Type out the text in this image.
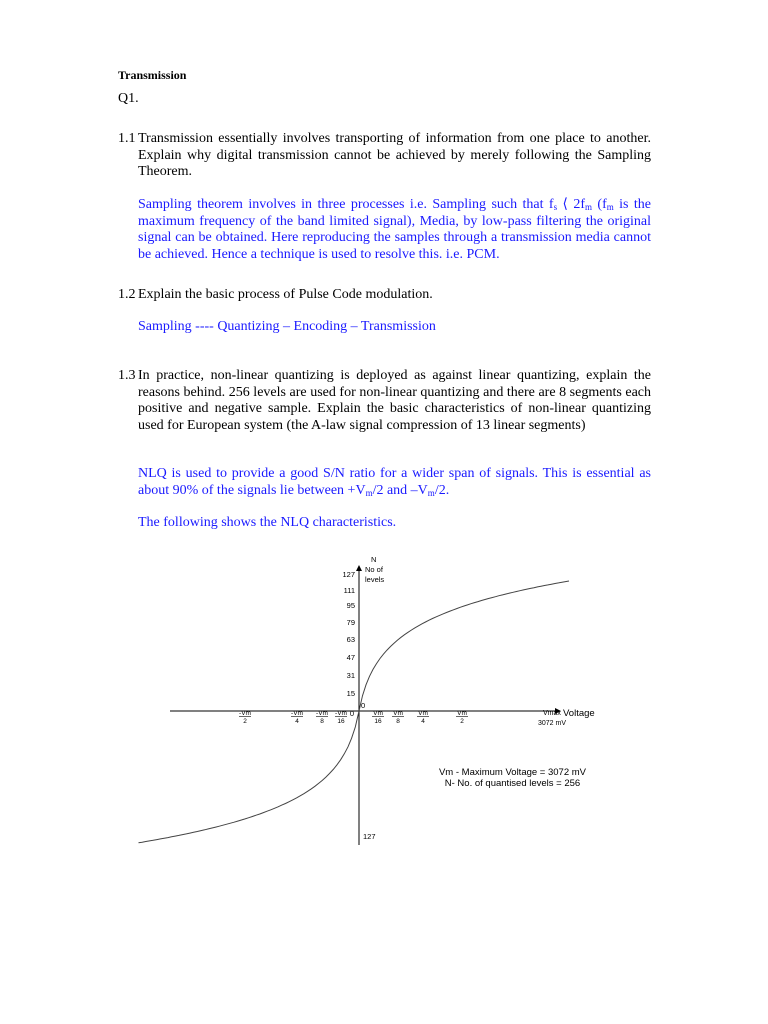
Transmission
Q1.
1.1 Transmission essentially involves transporting of information from one place to another. Explain why digital transmission cannot be achieved by merely following the Sampling Theorem.
Sampling theorem involves in three processes i.e. Sampling such that $f_s$ ⟨ $2f_m$ ($f_m$ is the maximum frequency of the band limited signal), Media, by low-pass filtering the original signal can be obtained. Here reproducing the samples through a transmission media cannot be achieved. Hence a technique is used to resolve this. i.e. PCM.
1.2 Explain the basic process of Pulse Code modulation.
Sampling ---- Quantizing – Encoding – Transmission
1.3 In practice, non-linear quantizing is deployed as against linear quantizing, explain the reasons behind. 256 levels are used for non-linear quantizing and there are 8 segments each positive and negative sample. Explain the basic characteristics of non-linear quantizing used for European system (the A-law signal compression of 13 linear segments)
NLQ is used to provide a good S/N ratio for a wider span of signals. This is essential as about 90% of the signals lie between $+V_m/2$ and $-V_m/2$.
The following shows the NLQ characteristics.
N
No of
levels
127
111
95
79
63
47
31
15
0
127
0	Vm
16
Vm
8
Vm
4
Vm
2
-Vm
16
-Vm
8
-Vm
4
-Vm
2
Vmax Voltage
3072 mV
Vm - Maximum Voltage = 3072 mV
N- No. of quantised levels = 256
